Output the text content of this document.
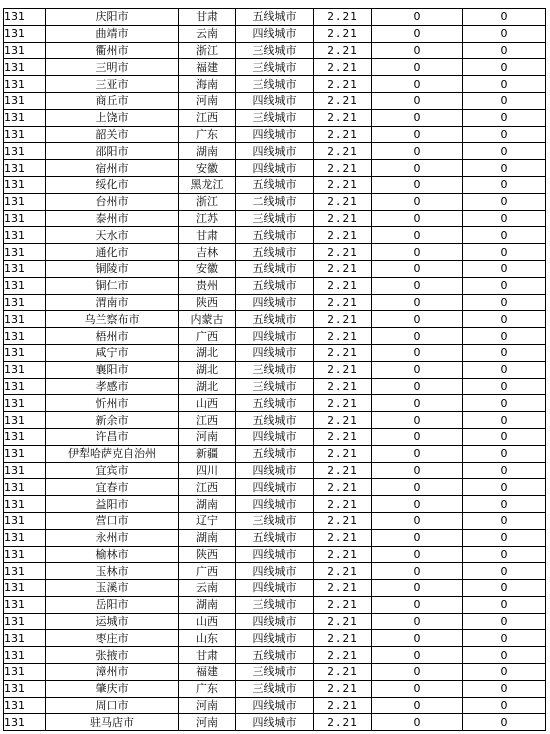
131	庆阳市	甘肃	五线城市	2.21	0	0
131	曲靖市	云南	四线城市	2.21	0	0
131	衢州市	浙江	三线城市	2.21	0	0
131	三明市	福建	三线城市	2.21	0	0
131	三亚市	海南	三线城市	2.21	0	0
131	商丘市	河南	四线城市	2.21	0	0
131	上饶市	江西	三线城市	2.21	0	0
131	韶关市	广东	四线城市	2.21	0	0
131	邵阳市	湖南	四线城市	2.21	0	0
131	宿州市	安徽	四线城市	2.21	0	0
131	绥化市	黑龙江	五线城市	2.21	0	0
131	台州市	浙江	二线城市	2.21	0	0
131	泰州市	江苏	三线城市	2.21	0	0
131	天水市	甘肃	五线城市	2.21	0	0
131	通化市	吉林	五线城市	2.21	0	0
131	铜陵市	安徽	五线城市	2.21	0	0
131	铜仁市	贵州	五线城市	2.21	0	0
131	渭南市	陕西	四线城市	2.21	0	0
131	乌兰察布市	内蒙古	五线城市	2.21	0	0
131	梧州市	广西	四线城市	2.21	0	0
131	咸宁市	湖北	四线城市	2.21	0	0
131	襄阳市	湖北	三线城市	2.21	0	0
131	孝感市	湖北	三线城市	2.21	0	0
131	忻州市	山西	五线城市	2.21	0	0
131	新余市	江西	五线城市	2.21	0	0
131	许昌市	河南	四线城市	2.21	0	0
131	伊犁哈萨克自治州	新疆	五线城市	2.21	0	0
131	宜宾市	四川	四线城市	2.21	0	0
131	宜春市	江西	四线城市	2.21	0	0
131	益阳市	湖南	四线城市	2.21	0	0
131	营口市	辽宁	三线城市	2.21	0	0
131	永州市	湖南	五线城市	2.21	0	0
131	榆林市	陕西	四线城市	2.21	0	0
131	玉林市	广西	四线城市	2.21	0	0
131	玉溪市	云南	四线城市	2.21	0	0
131	岳阳市	湖南	三线城市	2.21	0	0
131	运城市	山西	四线城市	2.21	0	0
131	枣庄市	山东	四线城市	2.21	0	0
131	张掖市	甘肃	五线城市	2.21	0	0
131	漳州市	福建	三线城市	2.21	0	0
131	肇庆市	广东	三线城市	2.21	0	0
131	周口市	河南	四线城市	2.21	0	0
131	驻马店市	河南	四线城市	2.21	0	0
